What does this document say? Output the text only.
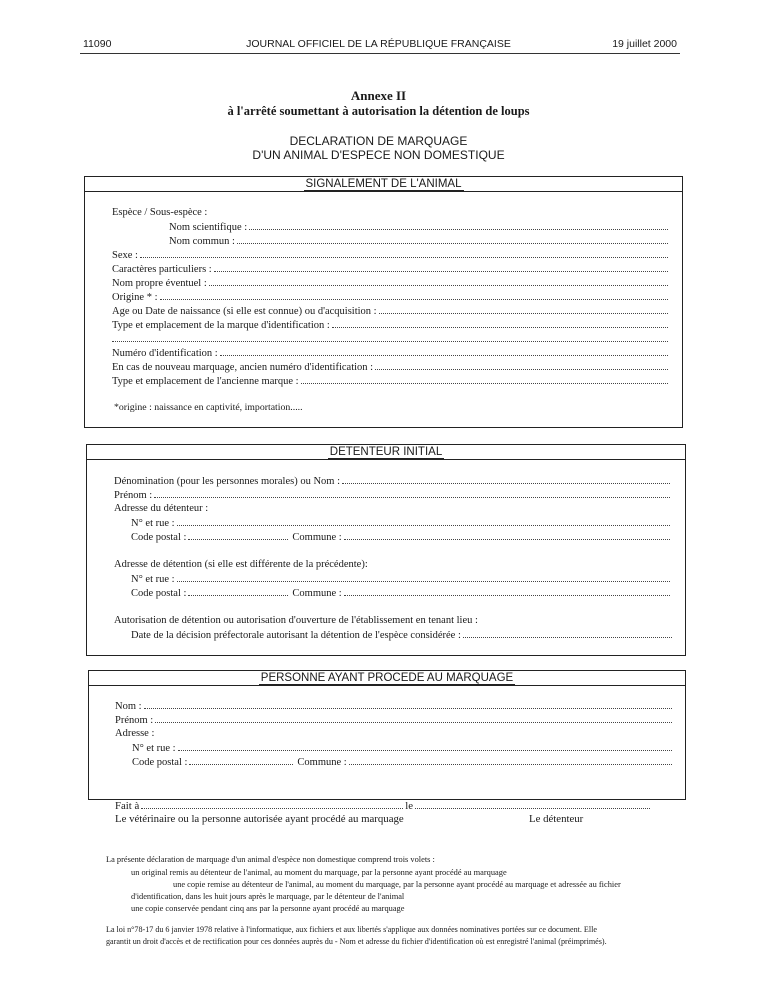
11090	JOURNAL OFFICIEL DE LA RÉPUBLIQUE FRANÇAISE	19 juillet 2000
Annexe II
à l'arrêté soumettant à autorisation la détention de loups
DECLARATION DE MARQUAGE
D'UN ANIMAL D'ESPECE NON DOMESTIQUE
SIGNALEMENT DE L'ANIMAL
Espèce / Sous-espèce :
Nom scientifique :
Nom commun :
Sexe :
Caractères particuliers :
Nom propre éventuel :
Origine * :
Age ou Date de naissance (si elle est connue) ou d'acquisition :
Type et emplacement de la marque d'identification :
Numéro d'identification :
En cas de nouveau marquage, ancien numéro d'identification :
Type et emplacement de l'ancienne marque :
*origine : naissance en captivité, importation.....
DETENTEUR INITIAL
Dénomination (pour les personnes morales) ou Nom :
Prénom :
Adresse du détenteur :
N° et rue :
Code postal :	Commune :
Adresse de détention (si elle est différente de la précédente):
N° et rue :
Code postal :	Commune :
Autorisation de détention ou autorisation d'ouverture de l'établissement en tenant lieu :
Date de la décision préfectorale autorisant la détention de l'espèce considérée :
PERSONNE AYANT PROCEDE AU MARQUAGE
Nom :
Prénom :
Adresse :
N° et rue :
Code postal :	Commune :
Fait à	le
Le vétérinaire ou la personne autorisée ayant procédé au marquage	Le détenteur
La présente déclaration de marquage d'un animal d'espèce non domestique comprend trois volets :
un original remis au détenteur de l'animal, au moment du marquage, par la personne ayant procédé au marquage
une copie remise au détenteur de l'animal, au moment du marquage, par la personne ayant procédé au marquage et adressée au fichier
d'identification, dans les huit jours après le marquage, par le détenteur de l'animal
une copie conservée pendant cinq ans par la personne ayant procédé au marquage
La loi n°78-17 du 6 janvier 1978 relative à l'informatique, aux fichiers et aux libertés s'applique aux données nominatives portées sur ce document. Elle
garantit un droit d'accès et de rectification pour ces données auprès du - Nom et adresse du fichier d'identification où est enregistré l'animal (préimprimés).
